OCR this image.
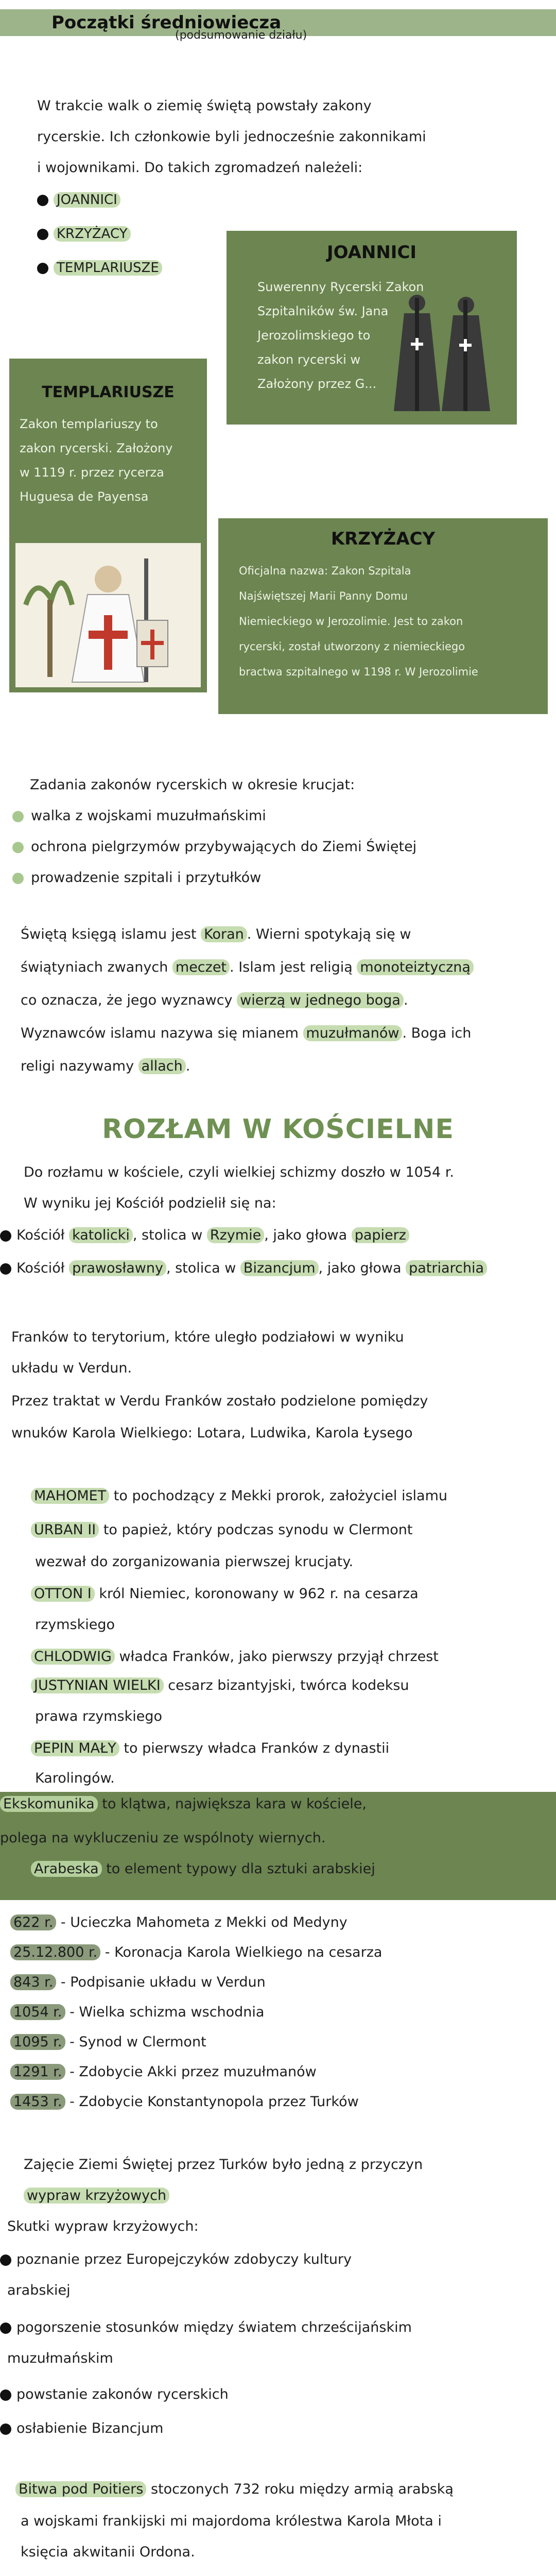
Początki średniowiecza
(podsumowanie działu)
W trakcie walk o ziemię świętą powstały zakony
rycerskie. Ich członkowie byli jednocześnie zakonnikami
i wojownikami. Do takich zgromadzeń należeli:
JOANNICI
KRZYŻACY
TEMPLARIUSZE
JOANNICI
Suwerenny Rycerski Zakon
Szpitalników św. Jana
Jerozolimskiego to
zakon rycerski w
Założony przez G...
TEMPLARIUSZE
Zakon templariuszy to
zakon rycerski. Założony
w 1119 r. przez rycerza
Huguesa de Payensa
KRZYŻACY
Oficjalna nazwa: Zakon Szpitala
Najświętszej Marii Panny Domu
Niemieckiego w Jerozolimie. Jest to zakon
rycerski, został utworzony z niemieckiego
bractwa szpitalnego w 1198 r. W Jerozolimie
Zadania zakonów rycerskich w okresie krucjat:
walka z wojskami muzułmańskimi
ochrona pielgrzymów przybywających do Ziemi Świętej
prowadzenie szpitali i przytułków
Świętą księgą islamu jest Koran . Wierni spotykają się w
świątyniach zwanych meczet . Islam jest religią monoteiztyczną
co oznacza, że jego wyznawcy wierzą w jednego boga .
Wyznawców islamu nazywa się mianem muzułmanów . Boga ich
religi nazywamy allach .
ROZŁAM W KOŚCIELNE
Do rozłamu w kościele, czyli wielkiej schizmy doszło w 1054 r.
W wyniku jej Kościół podzielił się na:
Kościół katolicki , stolica w Rzymie , jako głowa papierz
Kościół prawosławny , stolica w Bizancjum , jako głowa patriarchia
Franków to terytorium, które uległo podziałowi w wyniku
układu w Verdun.
Przez traktat w Verdu Franków zostało podzielone pomiędzy
wnuków Karola Wielkiego: Lotara, Ludwika, Karola Łysego
MAHOMET to pochodzący z Mekki prorok, założyciel islamu
URBAN II to papież, który podczas synodu w Clermont
wezwał do zorganizowania pierwszej krucjaty.
OTTON I król Niemiec, koronowany w 962 r. na cesarza
rzymskiego
CHLODWIG władca Franków, jako pierwszy przyjął chrzest
JUSTYNIAN WIELKI cesarz bizantyjski, twórca kodeksu
prawa rzymskiego
PEPIN MAŁY to pierwszy władca Franków z dynastii
Karolingów.
Ekskomunika to klątwa, największa kara w kościele,
polega na wykluczeniu ze wspólnoty wiernych.
Arabeska to element typowy dla sztuki arabskiej
622 r. - Ucieczka Mahometa z Mekki od Medyny
25.12.800 r. - Koronacja Karola Wielkiego na cesarza
843 r. - Podpisanie układu w Verdun
1054 r. - Wielka schizma wschodnia
1095 r. - Synod w Clermont
1291 r. - Zdobycie Akki przez muzułmanów
1453 r. - Zdobycie Konstantynopola przez Turków
Zajęcie Ziemi Świętej przez Turków było jedną z przyczyn
wypraw krzyżowych
Skutki wypraw krzyżowych:
poznanie przez Europejczyków zdobyczy kultury
arabskiej
pogorszenie stosunków między światem chrześcijańskim
muzułmańskim
powstanie zakonów rycerskich
osłabienie Bizancjum
Bitwa pod Poitiers stoczonych 732 roku między armią arabską
a wojskami frankijski mi majordoma królestwa Karola Młota i
księcia akwitanii Ordona.
